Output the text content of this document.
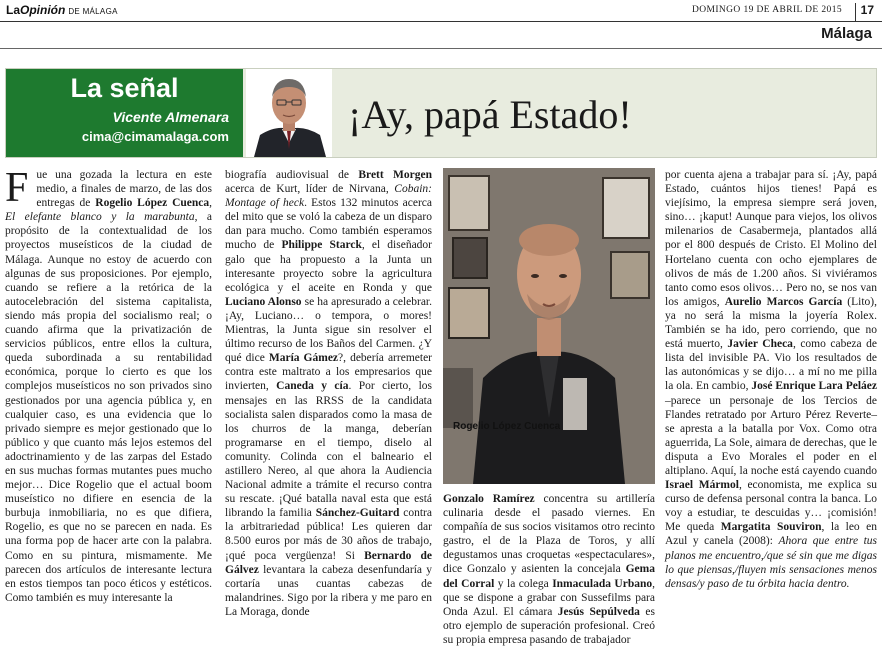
LaOpinión DE MÁLAGA	DOMINGO 19 DE ABRIL DE 2015	17
Málaga
La señal
Vicente Almenara
cima@cimamalaga.com	¡Ay, papá Estado!

Fue una gozada la lectura en este medio, a finales de marzo, de las dos entregas de Rogelio López Cuenca, El elefante blanco y la marabunta, a propósito de la contextualidad de los proyectos museísticos de la ciudad de Málaga. Aunque no estoy de acuerdo con algunas de sus proposiciones. Por ejemplo, cuando se refiere a la retórica de la autocelebración del sistema capitalista, siendo más propia del socialismo real; o cuando afirma que la privatización de servicios públicos, entre ellos la cultura, queda subordinada a su rentabilidad económica, porque lo cierto es que los complejos museísticos no son privados sino gestionados por una agencia pública y, en cualquier caso, es una evidencia que lo privado siempre es mejor gestionado que lo público y que cuanto más lejos estemos del adoctrinamiento y de las zarpas del Estado en sus muchas formas mutantes pues mucho mejor… Dice Rogelio que el actual boom museístico no difiere en esencia de la burbuja inmobiliaria, no es que difiera, Rogelio, es que no se parecen en nada. Es una forma pop de hacer arte con la palabra. Como en su pintura, mismamente. Me parecen dos artículos de interesante lectura en estos tiempos tan poco éticos y estéticos. Como también es muy interesante la

biografía audiovisual de Brett Morgen acerca de Kurt, líder de Nirvana, Cobain: Montage of heck. Estos 132 minutos acerca del mito que se voló la cabeza de un disparo dan para mucho. Como también esperamos mucho de Philippe Starck, el diseñador galo que ha propuesto a la Junta un interesante proyecto sobre la agricultura ecológica y el aceite en Ronda y que Luciano Alonso se ha apresurado a celebrar. ¡Ay, Luciano… o tempora, o mores! Mientras, la Junta sigue sin resolver el último recurso de los Baños del Carmen. ¿Y qué dice María Gámez?, debería arremeter contra este maltrato a los empresarios que invierten, Caneda y cía. Por cierto, los mensajes en las RRSS de la candidata socialista salen disparados como la masa de los churros de la manga, deberían programarse en el tiempo, diselo al comunity. Colinda con el balneario el astillero Nereo, al que ahora la Audiencia Nacional admite a trámite el recurso contra su rescate. ¡Qué batalla naval esta que está librando la familia Sánchez-Guitard contra la arbitrariedad pública! Les quieren dar 8.500 euros por más de 30 años de trabajo, ¡qué poca vergüenza! Si Bernardo de Gálvez levantara la cabeza desenfundaría y cortaría unas cuantas cabezas de malandrines. Sigo por la ribera y me paro en La Moraga, donde

Rogelio López Cuenca

Gonzalo Ramírez concentra su artillería culinaria desde el pasado viernes. En compañía de sus socios visitamos otro recinto gastro, el de la Plaza de Toros, y allí degustamos unas croquetas «espectaculares», dice Gonzalo y asienten la concejala Gema del Corral y la colega Inmaculada Urbano, que se dispone a grabar con Sussefilms para Onda Azul. El cámara Jesús Sepúlveda es otro ejemplo de superación profesional. Creó su propia empresa pasando de trabajador

por cuenta ajena a trabajar para sí. ¡Ay, papá Estado, cuántos hijos tienes! Papá es viejísimo, la empresa siempre será joven, sino… ¡kaput! Aunque para viejos, los olivos milenarios de Casabermeja, plantados allá por el 800 después de Cristo. El Molino del Hortelano cuenta con ocho ejemplares de olivos de más de 1.200 años. Si viviéramos tanto como esos olivos… Pero no, se nos van los amigos, Aurelio Marcos García (Lito), ya no será la misma la joyería Rolex. También se ha ido, pero corriendo, que no está muerto, Javier Checa, como cabeza de lista del invisible PA. Vio los resultados de las autonómicas y se dijo… a mí no me pilla la ola. En cambio, José Enrique Lara Peláez –parece un personaje de los Tercios de Flandes retratado por Arturo Pérez Reverte– se apresta a la batalla por Vox. Como otra aguerrida, La Sole, aimara de derechas, que le disputa a Evo Morales el poder en el altiplano. Aquí, la noche está cayendo cuando Israel Mármol, economista, me explica su curso de defensa personal contra la banca. Lo voy a estudiar, te descuidas y… ¡comisión! Me queda Margatita Souviron, la leo en Azul y canela (2008): Ahora que entre tus planos me encuentro,/que sé sin que me digas lo que piensas,/fluyen mis sensaciones menos densas/y paso de tu órbita hacia dentro.
